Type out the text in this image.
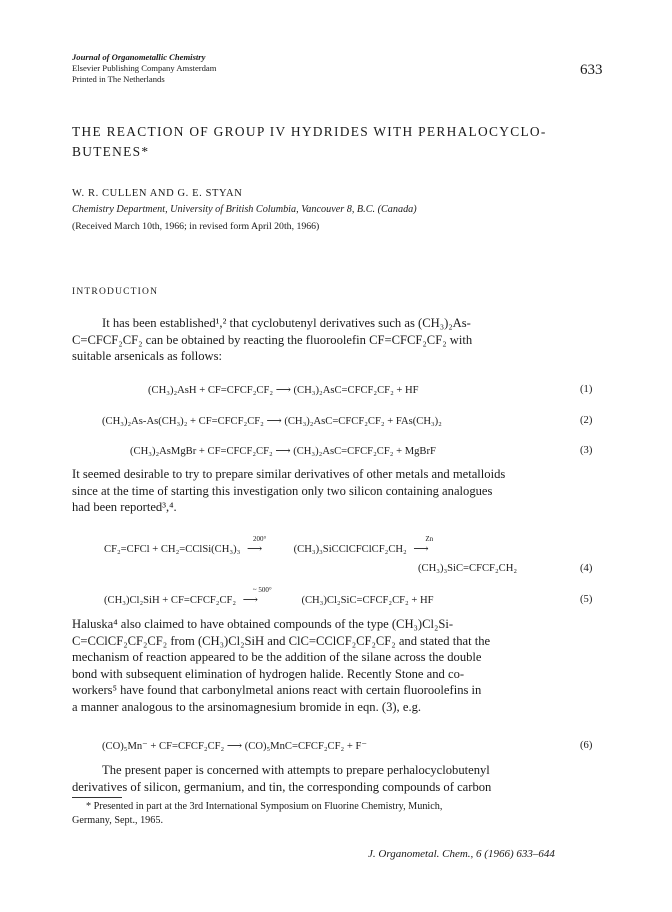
Journal of Organometallic Chemistry
Elsevier Publishing Company Amsterdam
Printed in The Netherlands
633
THE REACTION OF GROUP IV HYDRIDES WITH PERHALOCYCLO-
BUTENES*
W. R. CULLEN AND G. E. STYAN
Chemistry Department, University of British Columbia, Vancouver 8, B.C. (Canada)
(Received March 10th, 1966; in revised form April 20th, 1966)
INTRODUCTION
It has been established¹,² that cyclobutenyl derivatives such as (CH₃)₂As-
C=CFCF₂CF₂ can be obtained by reacting the fluoroolefin CF=CFCF₂CF₂ with
suitable arsenicals as follows:
(CH₃)₂AsH + CF=CFCF₂CF₂ ⟶ (CH₃)₂AsC=CFCF₂CF₂ + HF	(1)
(CH₃)₂As-As(CH₃)₂ + CF=CFCF₂CF₂ ⟶ (CH₃)₂AsC=CFCF₂CF₂ + FAs(CH₃)₂	(2)
(CH₃)₂AsMgBr + CF=CFCF₂CF₂ ⟶ (CH₃)₂AsC=CFCF₂CF₂ + MgBrF	(3)
It seemed desirable to try to prepare similar derivatives of other metals and metalloids
since at the time of starting this investigation only two silicon containing analogues
had been reported³,⁴.
CF₂=CFCl + CH₂=CClSi(CH₃)₃
200°
⟶	(CH₃)₃SiCClCFClCF₂CH₂
Zn
⟶
(CH₃)₃SiC=CFCF₂CH₂	(4)
(CH₃)Cl₂SiH + CF=CFCF₂CF₂
~ 500°
⟶	(CH₃)Cl₂SiC=CFCF₂CF₂ + HF	(5)
Haluska⁴ also claimed to have obtained compounds of the type (CH₃)Cl₂Si-
C=CClCF₂CF₂CF₂ from (CH₃)Cl₂SiH and ClC=CClCF₂CF₂CF₂ and stated that the
mechanism of reaction appeared to be the addition of the silane across the double
bond with subsequent elimination of hydrogen halide. Recently Stone and co-
workers⁵ have found that carbonylmetal anions react with certain fluoroolefins in
a manner analogous to the arsinomagnesium bromide in eqn. (3), e.g.
(CO)₅Mn⁻ + CF=CFCF₂CF₂ ⟶ (CO)₅MnC=CFCF₂CF₂ + F⁻	(6)
The present paper is concerned with attempts to prepare perhalocyclobutenyl
derivatives of silicon, germanium, and tin, the corresponding compounds of carbon
* Presented in part at the 3rd International Symposium on Fluorine Chemistry, Munich,
Germany, Sept., 1965.
J. Organometal. Chem., 6 (1966) 633–644
